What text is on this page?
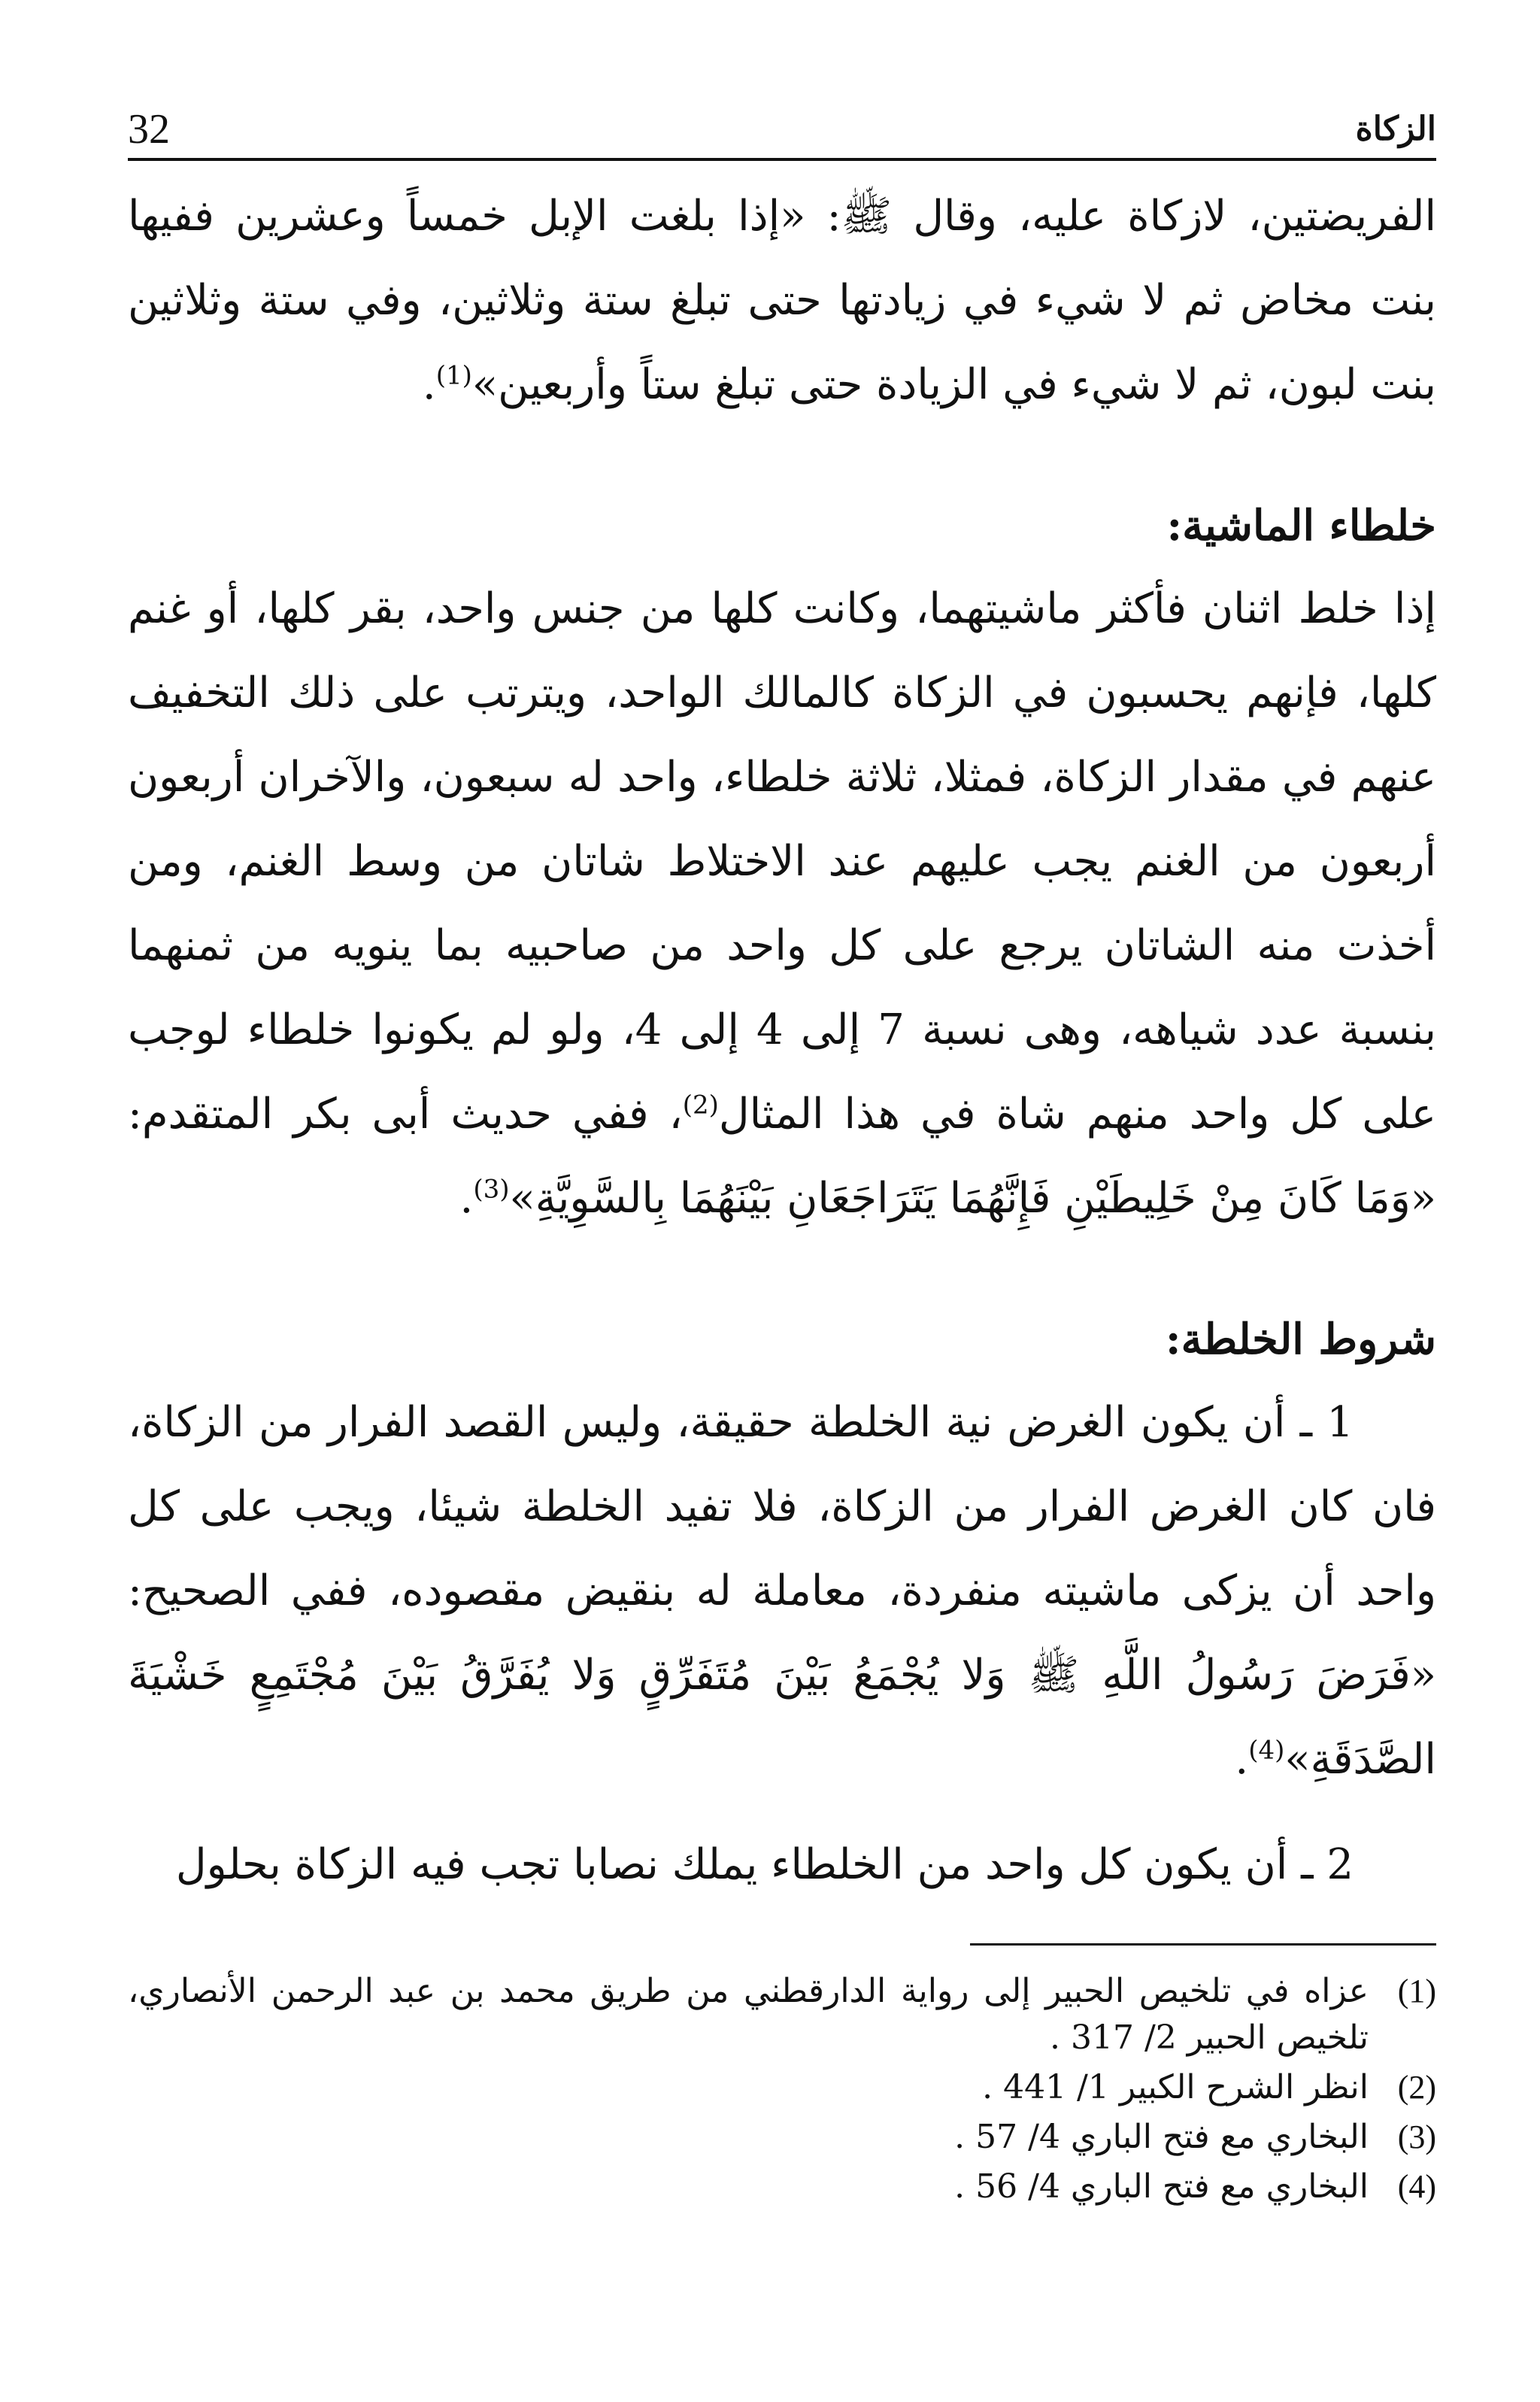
الزكاة
32

الفريضتين، لازكاة عليه، وقال ﷺ: «إذا بلغت الإبل خمساً وعشرين ففيها بنت مخاض ثم لا شيء في زيادتها حتى تبلغ ستة وثلاثين، وفي ستة وثلاثين بنت لبون، ثم لا شيء في الزيادة حتى تبلغ ستاً وأربعين»$^{(1)}$.

خلطاء الماشية:

إذا خلط اثنان فأكثر ماشيتهما، وكانت كلها من جنس واحد، بقر كلها، أو غنم كلها، فإنهم يحسبون في الزكاة كالمالك الواحد، ويترتب على ذلك التخفيف عنهم في مقدار الزكاة، فمثلا، ثلاثة خلطاء، واحد له سبعون، والآخران أربعون أربعون من الغنم يجب عليهم عند الاختلاط شاتان من وسط الغنم، ومن أخذت منه الشاتان يرجع على كل واحد من صاحبيه بما ينويه من ثمنهما بنسبة عدد شياهه، وهى نسبة 7 إلى 4 إلى 4، ولو لم يكونوا خلطاء لوجب على كل واحد منهم شاة في هذا المثال$^{(2)}$، ففي حديث أبى بكر المتقدم: «وَمَا كَانَ مِنْ خَلِيطَيْنِ فَإِنَّهُمَا يَتَرَاجَعَانِ بَيْنَهُمَا بِالسَّوِيَّةِ»$^{(3)}$.

شروط الخلطة:

1 ـ أن يكون الغرض نية الخلطة حقيقة، وليس القصد الفرار من الزكاة، فان كان الغرض الفرار من الزكاة، فلا تفيد الخلطة شيئا، ويجب على كل واحد أن يزكى ماشيته منفردة، معاملة له بنقيض مقصوده، ففي الصحيح: «فَرَضَ رَسُولُ اللَّهِ ﷺ وَلا يُجْمَعُ بَيْنَ مُتَفَرِّقٍ وَلا يُفَرَّقُ بَيْنَ مُجْتَمِعٍ خَشْيَةَ الصَّدَقَةِ»$^{(4)}$.

2 ـ أن يكون كل واحد من الخلطاء يملك نصابا تجب فيه الزكاة بحلول

(1)
عزاه في تلخيص الحبير إلى رواية الدارقطني من طريق محمد بن عبد الرحمن الأنصاري، تلخيص الحبير 2/ 317 .
(2)
انظر الشرح الكبير 1/ 441 .
(3)
البخاري مع فتح الباري 4/ 57 .
(4)
البخاري مع فتح الباري 4/ 56 .
